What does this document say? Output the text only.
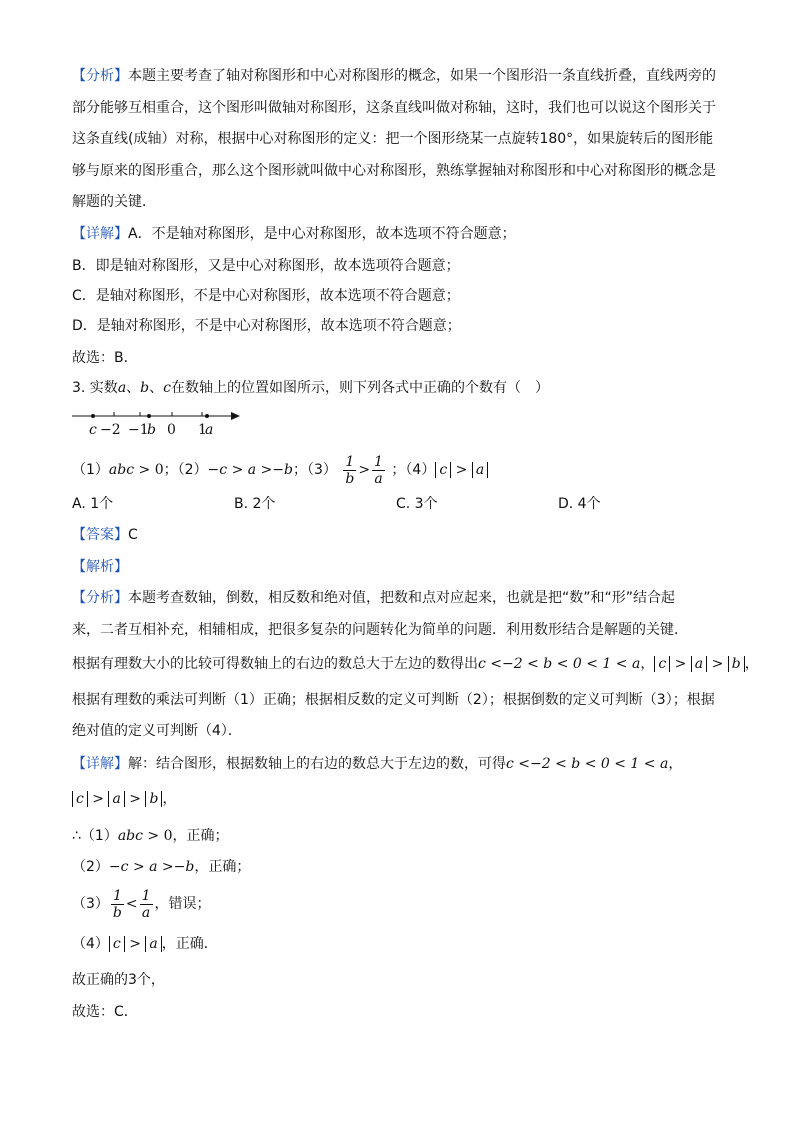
【分析】本题主要考查了轴对称图形和中心对称图形的概念，如果一个图形沿一条直线折叠，直线两旁的
部分能够互相重合，这个图形叫做轴对称图形，这条直线叫做对称轴，这时，我们也可以说这个图形关于
这条直线(成轴）对称，根据中心对称图形的定义：把一个图形绕某一点旋转180°，如果旋转后的图形能
够与原来的图形重合，那么这个图形就叫做中心对称图形，熟练掌握轴对称图形和中心对称图形的概念是
解题的关键．
【详解】A．不是轴对称图形，是中心对称图形，故本选项不符合题意；
B．即是轴对称图形，又是中心对称图形，故本选项符合题意；
C．是轴对称图形，不是中心对称图形，故本选项不符合题意；
D．是轴对称图形，不是中心对称图形，故本选项不符合题意；
故选：B．
3. 实数a、b、c在数轴上的位置如图所示，则下列各式中正确的个数有（　）
c −2 −1
b 0 1
a
（1）abc > 0；（2）−c > a >−b；$(3) \frac{1}{b} > \frac{1}{a}$ ；（4） c > a
A. 1个	B. 2个	C. 3个	D. 4个
【答案】C
【解析】
【分析】本题考查数轴，倒数，相反数和绝对值，把数和点对应起来，也就是把“数”和“形”结合起
来，二者互相补充，相辅相成，把很多复杂的问题转化为简单的问题．利用数形结合是解题的关键．
根据有理数大小的比较可得数轴上的右边的数总大于左边的数得出c <−2 < b < 0 < 1 < a， c > a > b ，
根据有理数的乘法可判断（1）正确；根据相反数的定义可判断（2）；根据倒数的定义可判断（3）；根据
绝对值的定义可判断（4）．
【详解】解：结合图形，根据数轴上的右边的数总大于左边的数，可得c <−2 < b < 0 < 1 < a，
c > a > b ，
∴（1）abc > 0，正确；
（2）−c > a >−b，正确；
$(3) \frac{1}{b} < \frac{1}{a}$ ，错误；
（4） c > a ，正确．
故正确的3个，
故选：C．
